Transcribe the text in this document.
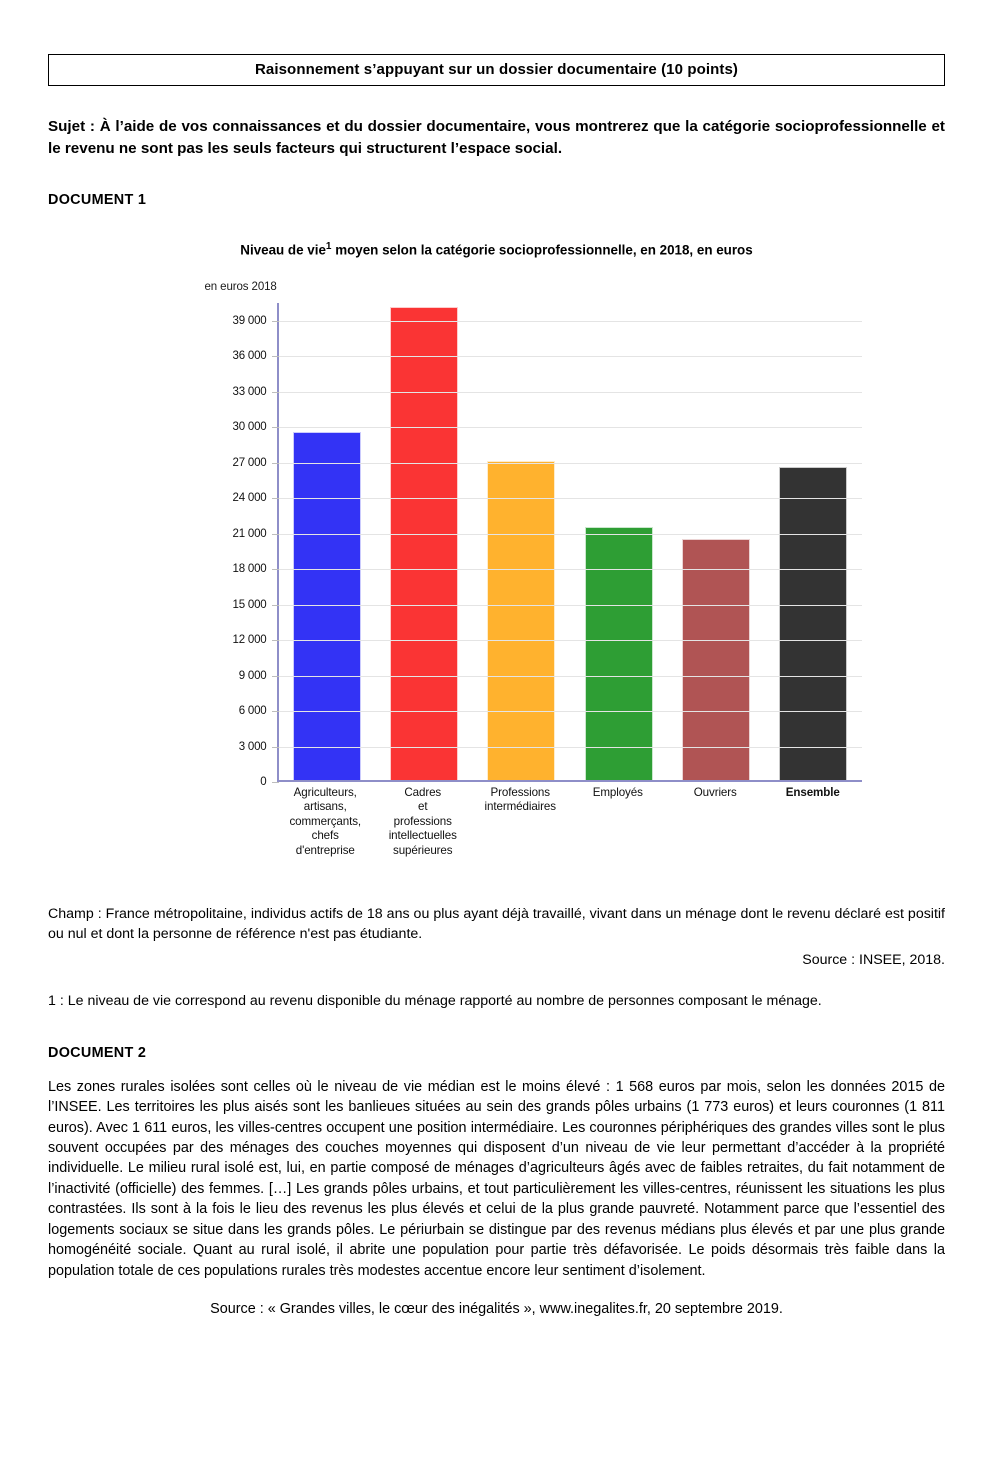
Raisonnement s’appuyant sur un dossier documentaire (10 points)
Sujet : À l’aide de vos connaissances et du dossier documentaire, vous montrerez que la catégorie socioprofessionnelle et le revenu ne sont pas les seuls facteurs qui structurent l’espace social.
DOCUMENT 1
Niveau de vie$^1$ moyen selon la catégorie socioprofessionnelle, en 2018, en euros
en euros 2018
39 000
36 000
33 000
30 000
27 000
24 000
21 000
18 000
15 000
12 000
9 000
6 000
3 000
0
Agriculteurs,
artisans,
commerçants,
chefs
d'entreprise
Cadres
et
professions
intellectuelles
supérieures
Professions
intermédiaires
Employés	Ouvriers	Ensemble
Champ : France métropolitaine, individus actifs de 18 ans ou plus ayant déjà travaillé, vivant dans un ménage dont le revenu déclaré est positif ou nul et dont la personne de référence n'est pas étudiante.
Source : INSEE, 2018.
1 : Le niveau de vie correspond au revenu disponible du ménage rapporté au nombre de personnes composant le ménage.
DOCUMENT 2
Les zones rurales isolées sont celles où le niveau de vie médian est le moins élevé : 1 568 euros par mois, selon les données 2015 de l’INSEE. Les territoires les plus aisés sont les banlieues situées au sein des grands pôles urbains (1 773 euros) et leurs couronnes (1 811 euros). Avec 1 611 euros, les villes-centres occupent une position intermédiaire. Les couronnes périphériques des grandes villes sont le plus souvent occupées par des ménages des couches moyennes qui disposent d’un niveau de vie leur permettant d’accéder à la propriété individuelle. Le milieu rural isolé est, lui, en partie composé de ménages d’agriculteurs âgés avec de faibles retraites, du fait notamment de l’inactivité (officielle) des femmes. […] Les grands pôles urbains, et tout particulièrement les villes-centres, réunissent les situations les plus contrastées. Ils sont à la fois le lieu des revenus les plus élevés et celui de la plus grande pauvreté. Notamment parce que l’essentiel des logements sociaux se situe dans les grands pôles. Le périurbain se distingue par des revenus médians plus élevés et par une plus grande homogénéité sociale. Quant au rural isolé, il abrite une population pour partie très défavorisée. Le poids désormais très faible dans la population totale de ces populations rurales très modestes accentue encore leur sentiment d’isolement.
Source : « Grandes villes, le cœur des inégalités », www.inegalites.fr, 20 septembre 2019.
